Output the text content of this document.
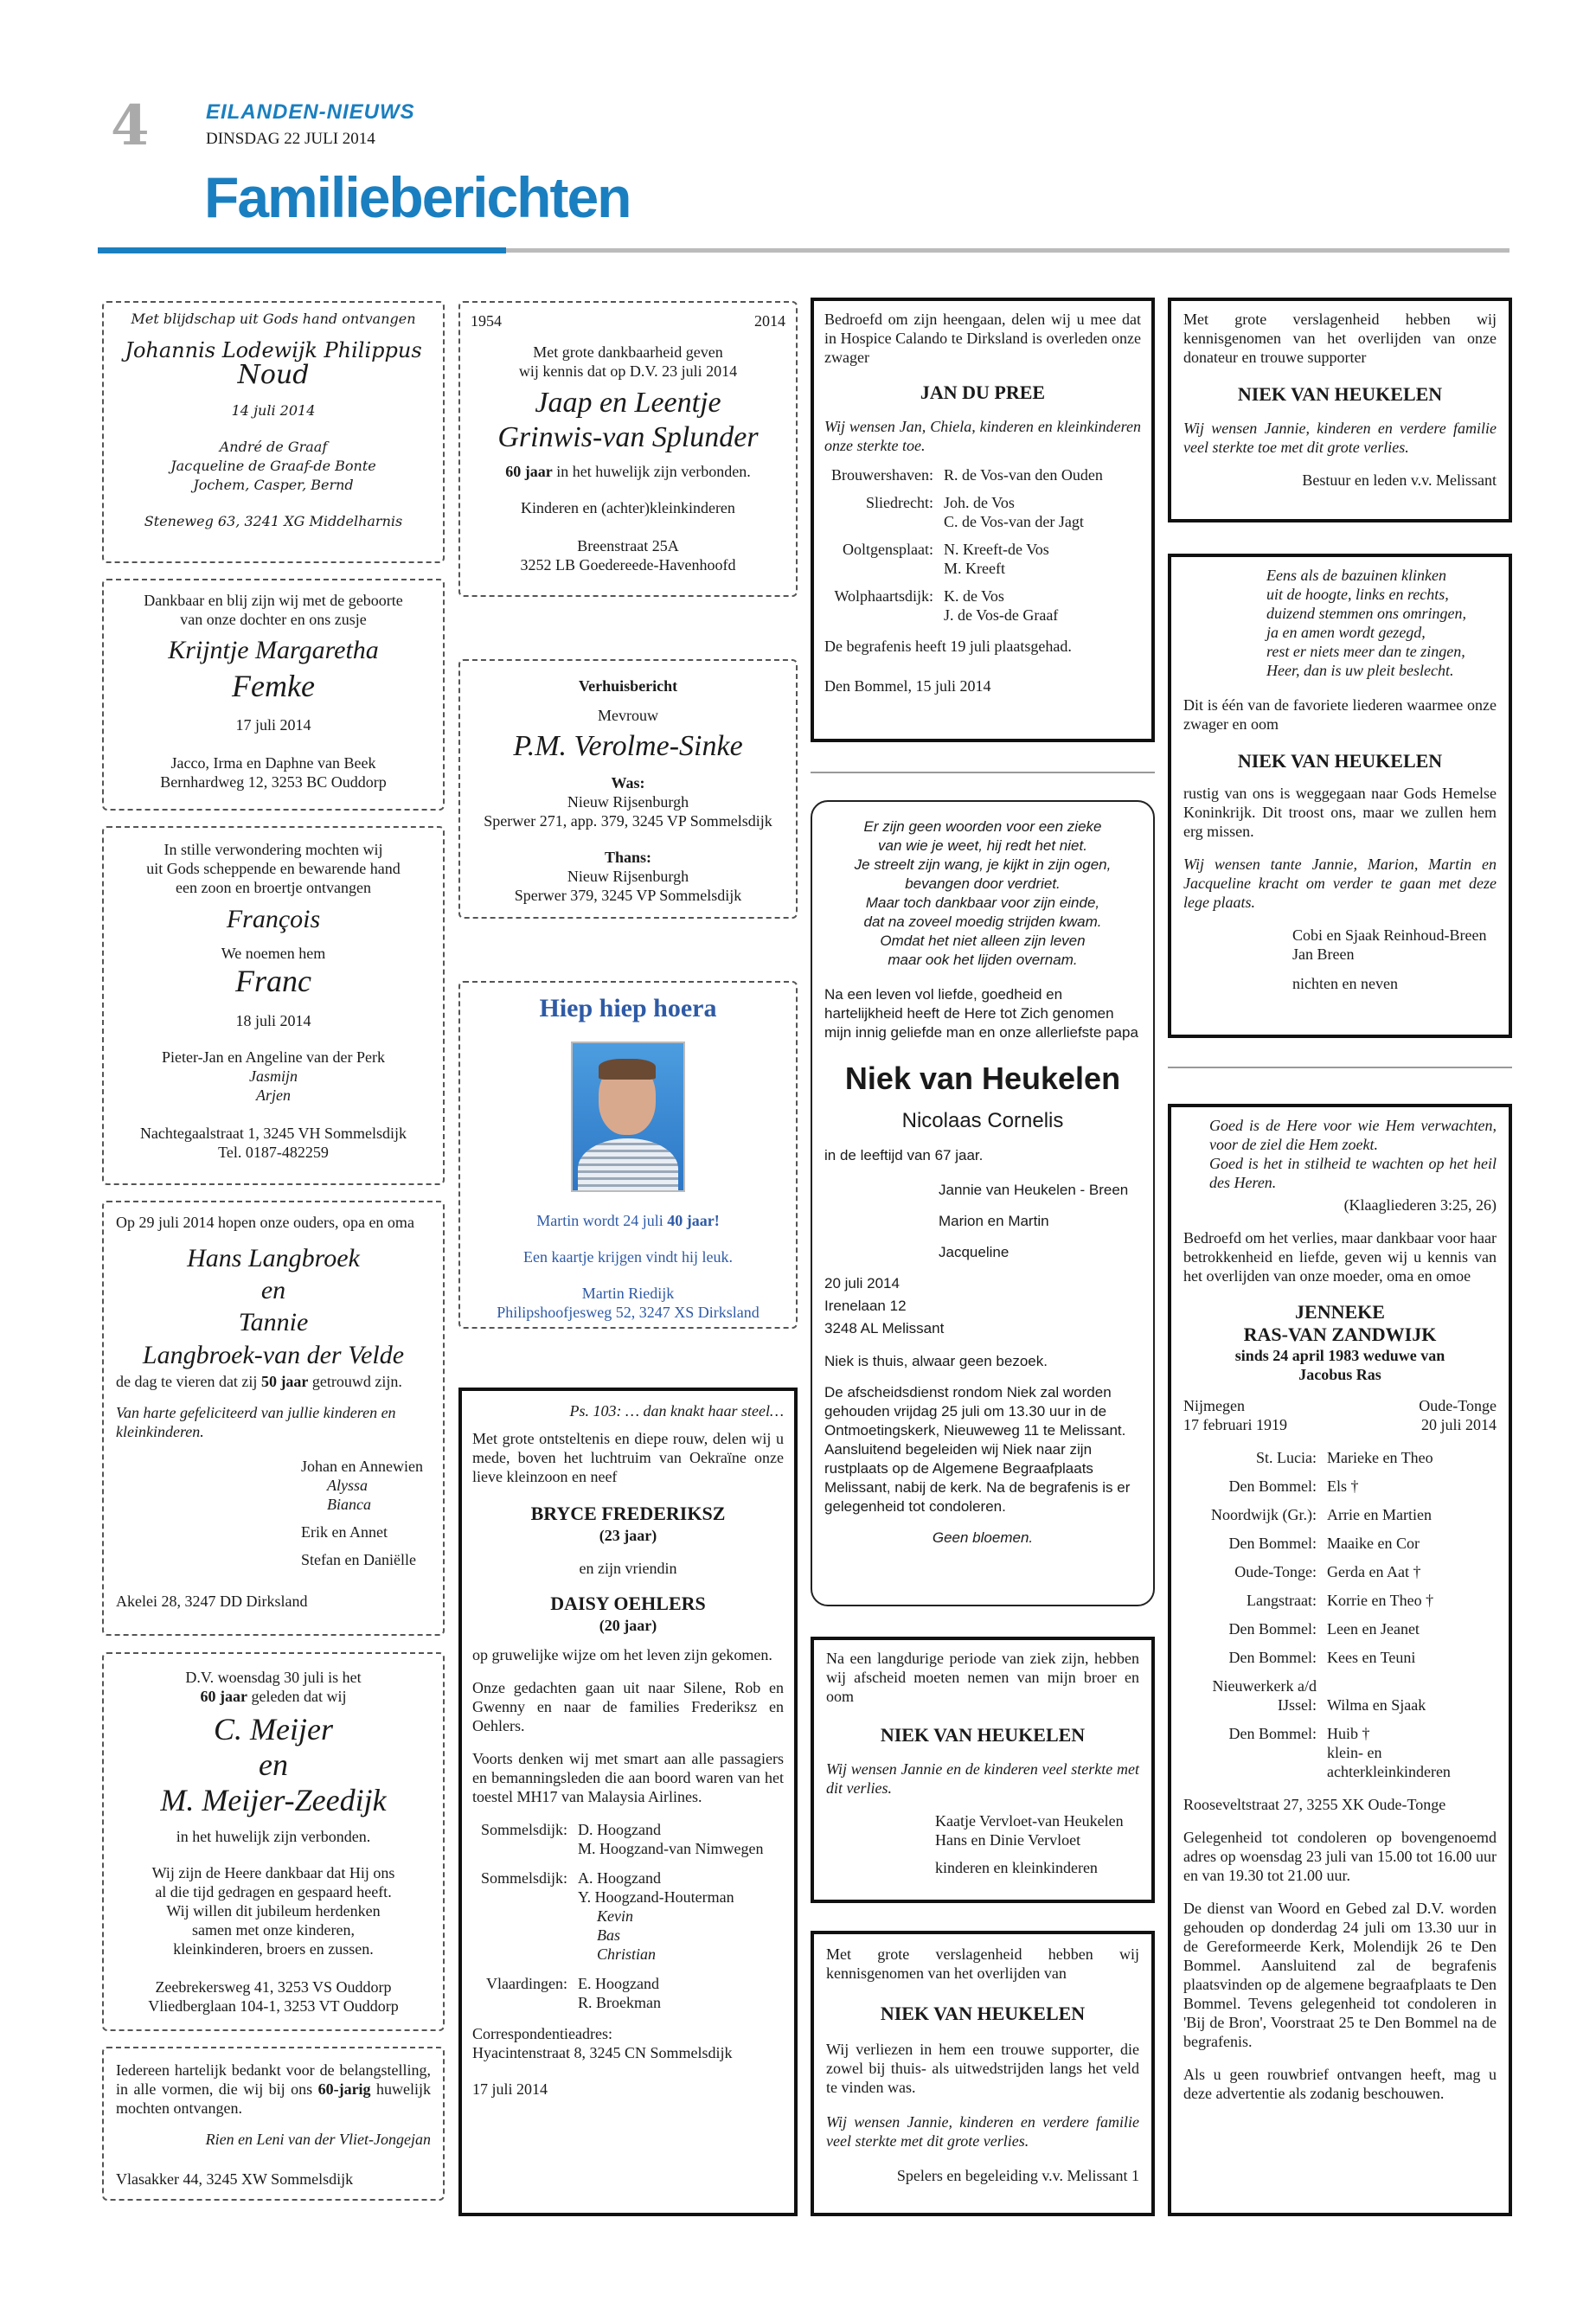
4	EILANDEN-NIEUWS
DINSDAG 22 JULI 2014
Familieberichten
Met blijdschap uit Gods hand ontvangen
Johannis Lodewijk Philippus
Noud
14 juli 2014
André de Graaf
Jacqueline de Graaf-de Bonte
Jochem, Casper, Bernd
Steneweg 63, 3241 XG Middelharnis
Dankbaar en blij zijn wij met de geboorte
van onze dochter en ons zusje
Krijntje Margaretha
Femke
17 juli 2014
Jacco, Irma en Daphne van Beek
Bernhardweg 12, 3253 BC Ouddorp
In stille verwondering mochten wij
uit Gods scheppende en bewarende hand
een zoon en broertje ontvangen
François
We noemen hem
Franc
18 juli 2014
Pieter-Jan en Angeline van der Perk
Jasmijn
Arjen
Nachtegaalstraat 1, 3245 VH Sommelsdijk
Tel. 0187-482259
Op 29 juli 2014 hopen onze ouders, opa en oma
Hans Langbroek
en
Tannie
Langbroek-van der Velde
de dag te vieren dat zij 50 jaar getrouwd zijn.
Van harte gefeliciteerd van jullie kinderen en kleinkinderen.
Johan en Annewien
Alyssa
Bianca
Erik en Annet
Stefan en Daniëlle
Akelei 28, 3247 DD Dirksland
D.V. woensdag 30 juli is het
60 jaar geleden dat wij
C. Meijer
en
M. Meijer-Zeedijk
in het huwelijk zijn verbonden.
Wij zijn de Heere dankbaar dat Hij ons
al die tijd gedragen en gespaard heeft.
Wij willen dit jubileum herdenken
samen met onze kinderen,
kleinkinderen, broers en zussen.
Zeebrekersweg 41, 3253 VS Ouddorp
Vliedberglaan 104-1, 3253 VT Ouddorp
Iedereen hartelijk bedankt voor de belangstelling, in alle vormen, die wij bij ons 60-jarig huwelijk mochten ontvangen.
Rien en Leni van der Vliet-Jongejan
Vlasakker 44, 3245 XW Sommelsdijk
1954	2014
Met grote dankbaarheid geven
wij kennis dat op D.V. 23 juli 2014
Jaap en Leentje
Grinwis-van Splunder
60 jaar in het huwelijk zijn verbonden.
Kinderen en (achter)kleinkinderen
Breenstraat 25A
3252 LB Goedereede-Havenhoofd
Verhuisbericht
Mevrouw
P.M. Verolme-Sinke
Was:
Nieuw Rijsenburgh
Sperwer 271, app. 379, 3245 VP Sommelsdijk
Thans:
Nieuw Rijsenburgh
Sperwer 379, 3245 VP Sommelsdijk
Hiep hiep hoera
Martin wordt 24 juli 40 jaar!
Een kaartje krijgen vindt hij leuk.
Martin Riedijk
Philipshoofjesweg 52, 3247 XS Dirksland
Ps. 103: … dan knakt haar steel…
Met grote ontsteltenis en diepe rouw, delen wij u mede, boven het luchtruim van Oekraïne onze lieve kleinzoon en neef
BRYCE FREDERIKSZ
(23 jaar)
en zijn vriendin
DAISY OEHLERS
(20 jaar)
op gruwelijke wijze om het leven zijn gekomen.
Onze gedachten gaan uit naar Silene, Rob en Gwenny en naar de families Frederiksz en Oehlers.
Voorts denken wij met smart aan alle passagiers en bemanningsleden die aan boord waren van het toestel MH17 van Malaysia Airlines.
Sommelsdijk: D. Hoogzand
M. Hoogzand-van Nimwegen
Sommelsdijk: A. Hoogzand
Y. Hoogzand-Houterman
Kevin
Bas
Christian
Vlaardingen: E. Hoogzand
R. Broekman
Correspondentieadres:
Hyacintenstraat 8, 3245 CN Sommelsdijk
17 juli 2014
Bedroefd om zijn heengaan, delen wij u mee dat in Hospice Calando te Dirksland is overleden onze zwager
JAN DU PREE
Wij wensen Jan, Chiela, kinderen en kleinkinderen onze sterkte toe.
Brouwershaven: R. de Vos-van den Ouden
Sliedrecht: Joh. de Vos
C. de Vos-van der Jagt
Ooltgensplaat: N. Kreeft-de Vos
M. Kreeft
Wolphaartsdijk: K. de Vos
J. de Vos-de Graaf
De begrafenis heeft 19 juli plaatsgehad.
Den Bommel, 15 juli 2014
Er zijn geen woorden voor een zieke
van wie je weet, hij redt het niet.
Je streelt zijn wang, je kijkt in zijn ogen,
bevangen door verdriet.
Maar toch dankbaar voor zijn einde,
dat na zoveel moedig strijden kwam.
Omdat het niet alleen zijn leven
maar ook het lijden overnam.
Na een leven vol liefde, goedheid en hartelijkheid heeft de Here tot Zich genomen mijn innig geliefde man en onze allerliefste papa
Niek van Heukelen
Nicolaas Cornelis
in de leeftijd van 67 jaar.
Jannie van Heukelen - Breen
Marion en Martin
Jacqueline
20 juli 2014
Irenelaan 12
3248 AL Melissant
Niek is thuis, alwaar geen bezoek.
De afscheidsdienst rondom Niek zal worden gehouden vrijdag 25 juli om 13.30 uur in de Ontmoetingskerk, Nieuweweg 11 te Melissant. Aansluitend begeleiden wij Niek naar zijn rustplaats op de Algemene Begraafplaats Melissant, nabij de kerk. Na de begrafenis is er gelegenheid tot condoleren.
Geen bloemen.
Na een langdurige periode van ziek zijn, hebben wij afscheid moeten nemen van mijn broer en oom
NIEK VAN HEUKELEN
Wij wensen Jannie en de kinderen veel sterkte met dit verlies.
Kaatje Vervloet-van Heukelen
Hans en Dinie Vervloet
kinderen en kleinkinderen
Met grote verslagenheid hebben wij kennisgenomen van het overlijden van
NIEK VAN HEUKELEN
Wij verliezen in hem een trouwe supporter, die zowel bij thuis- als uitwedstrijden langs het veld te vinden was.
Wij wensen Jannie, kinderen en verdere familie veel sterkte met dit grote verlies.
Spelers en begeleiding v.v. Melissant 1
Met grote verslagenheid hebben wij kennisgenomen van het overlijden van onze donateur en trouwe supporter
NIEK VAN HEUKELEN
Wij wensen Jannie, kinderen en verdere familie veel sterkte toe met dit grote verlies.
Bestuur en leden v.v. Melissant
Eens als de bazuinen klinken
uit de hoogte, links en rechts,
duizend stemmen ons omringen,
ja en amen wordt gezegd,
rest er niets meer dan te zingen,
Heer, dan is uw pleit beslecht.
Dit is één van de favoriete liederen waarmee onze zwager en oom
NIEK VAN HEUKELEN
rustig van ons is weggegaan naar Gods Hemelse Koninkrijk. Dit troost ons, maar we zullen hem erg missen.
Wij wensen tante Jannie, Marion, Martin en Jacqueline kracht om verder te gaan met deze lege plaats.
Cobi en Sjaak Reinhoud-Breen
Jan Breen
nichten en neven
Goed is de Here voor wie Hem verwachten, voor de ziel die Hem zoekt.
Goed is het in stilheid te wachten op het heil des Heren.
(Klaagliederen 3:25, 26)
Bedroefd om het verlies, maar dankbaar voor haar betrokkenheid en liefde, geven wij u kennis van het overlijden van onze moeder, oma en omoe
JENNEKE
RAS-VAN ZANDWIJK
sinds 24 april 1983 weduwe van
Jacobus Ras
Nijmegen
17 februari 1919
Oude-Tonge
20 juli 2014
St. Lucia: Marieke en Theo
Den Bommel: Els †
Noordwijk (Gr.): Arrie en Martien
Den Bommel: Maaike en Cor
Oude-Tonge: Gerda en Aat †
Langstraat: Korrie en Theo †
Den Bommel: Leen en Jeanet
Den Bommel: Kees en Teuni
Nieuwerkerk a/d IJssel: Wilma en Sjaak
Den Bommel: Huib †
klein- en achterkleinkinderen
Rooseveltstraat 27, 3255 XK Oude-Tonge
Gelegenheid tot condoleren op bovengenoemd adres op woensdag 23 juli van 15.00 tot 16.00 uur en van 19.30 tot 21.00 uur.
De dienst van Woord en Gebed zal D.V. worden gehouden op donderdag 24 juli om 13.30 uur in de Gereformeerde Kerk, Molendijk 26 te Den Bommel. Aansluitend zal de begrafenis plaatsvinden op de algemene begraafplaats te Den Bommel. Tevens gelegenheid tot condoleren in 'Bij de Bron', Voorstraat 25 te Den Bommel na de begrafenis.
Als u geen rouwbrief ontvangen heeft, mag u deze advertentie als zodanig beschouwen.
